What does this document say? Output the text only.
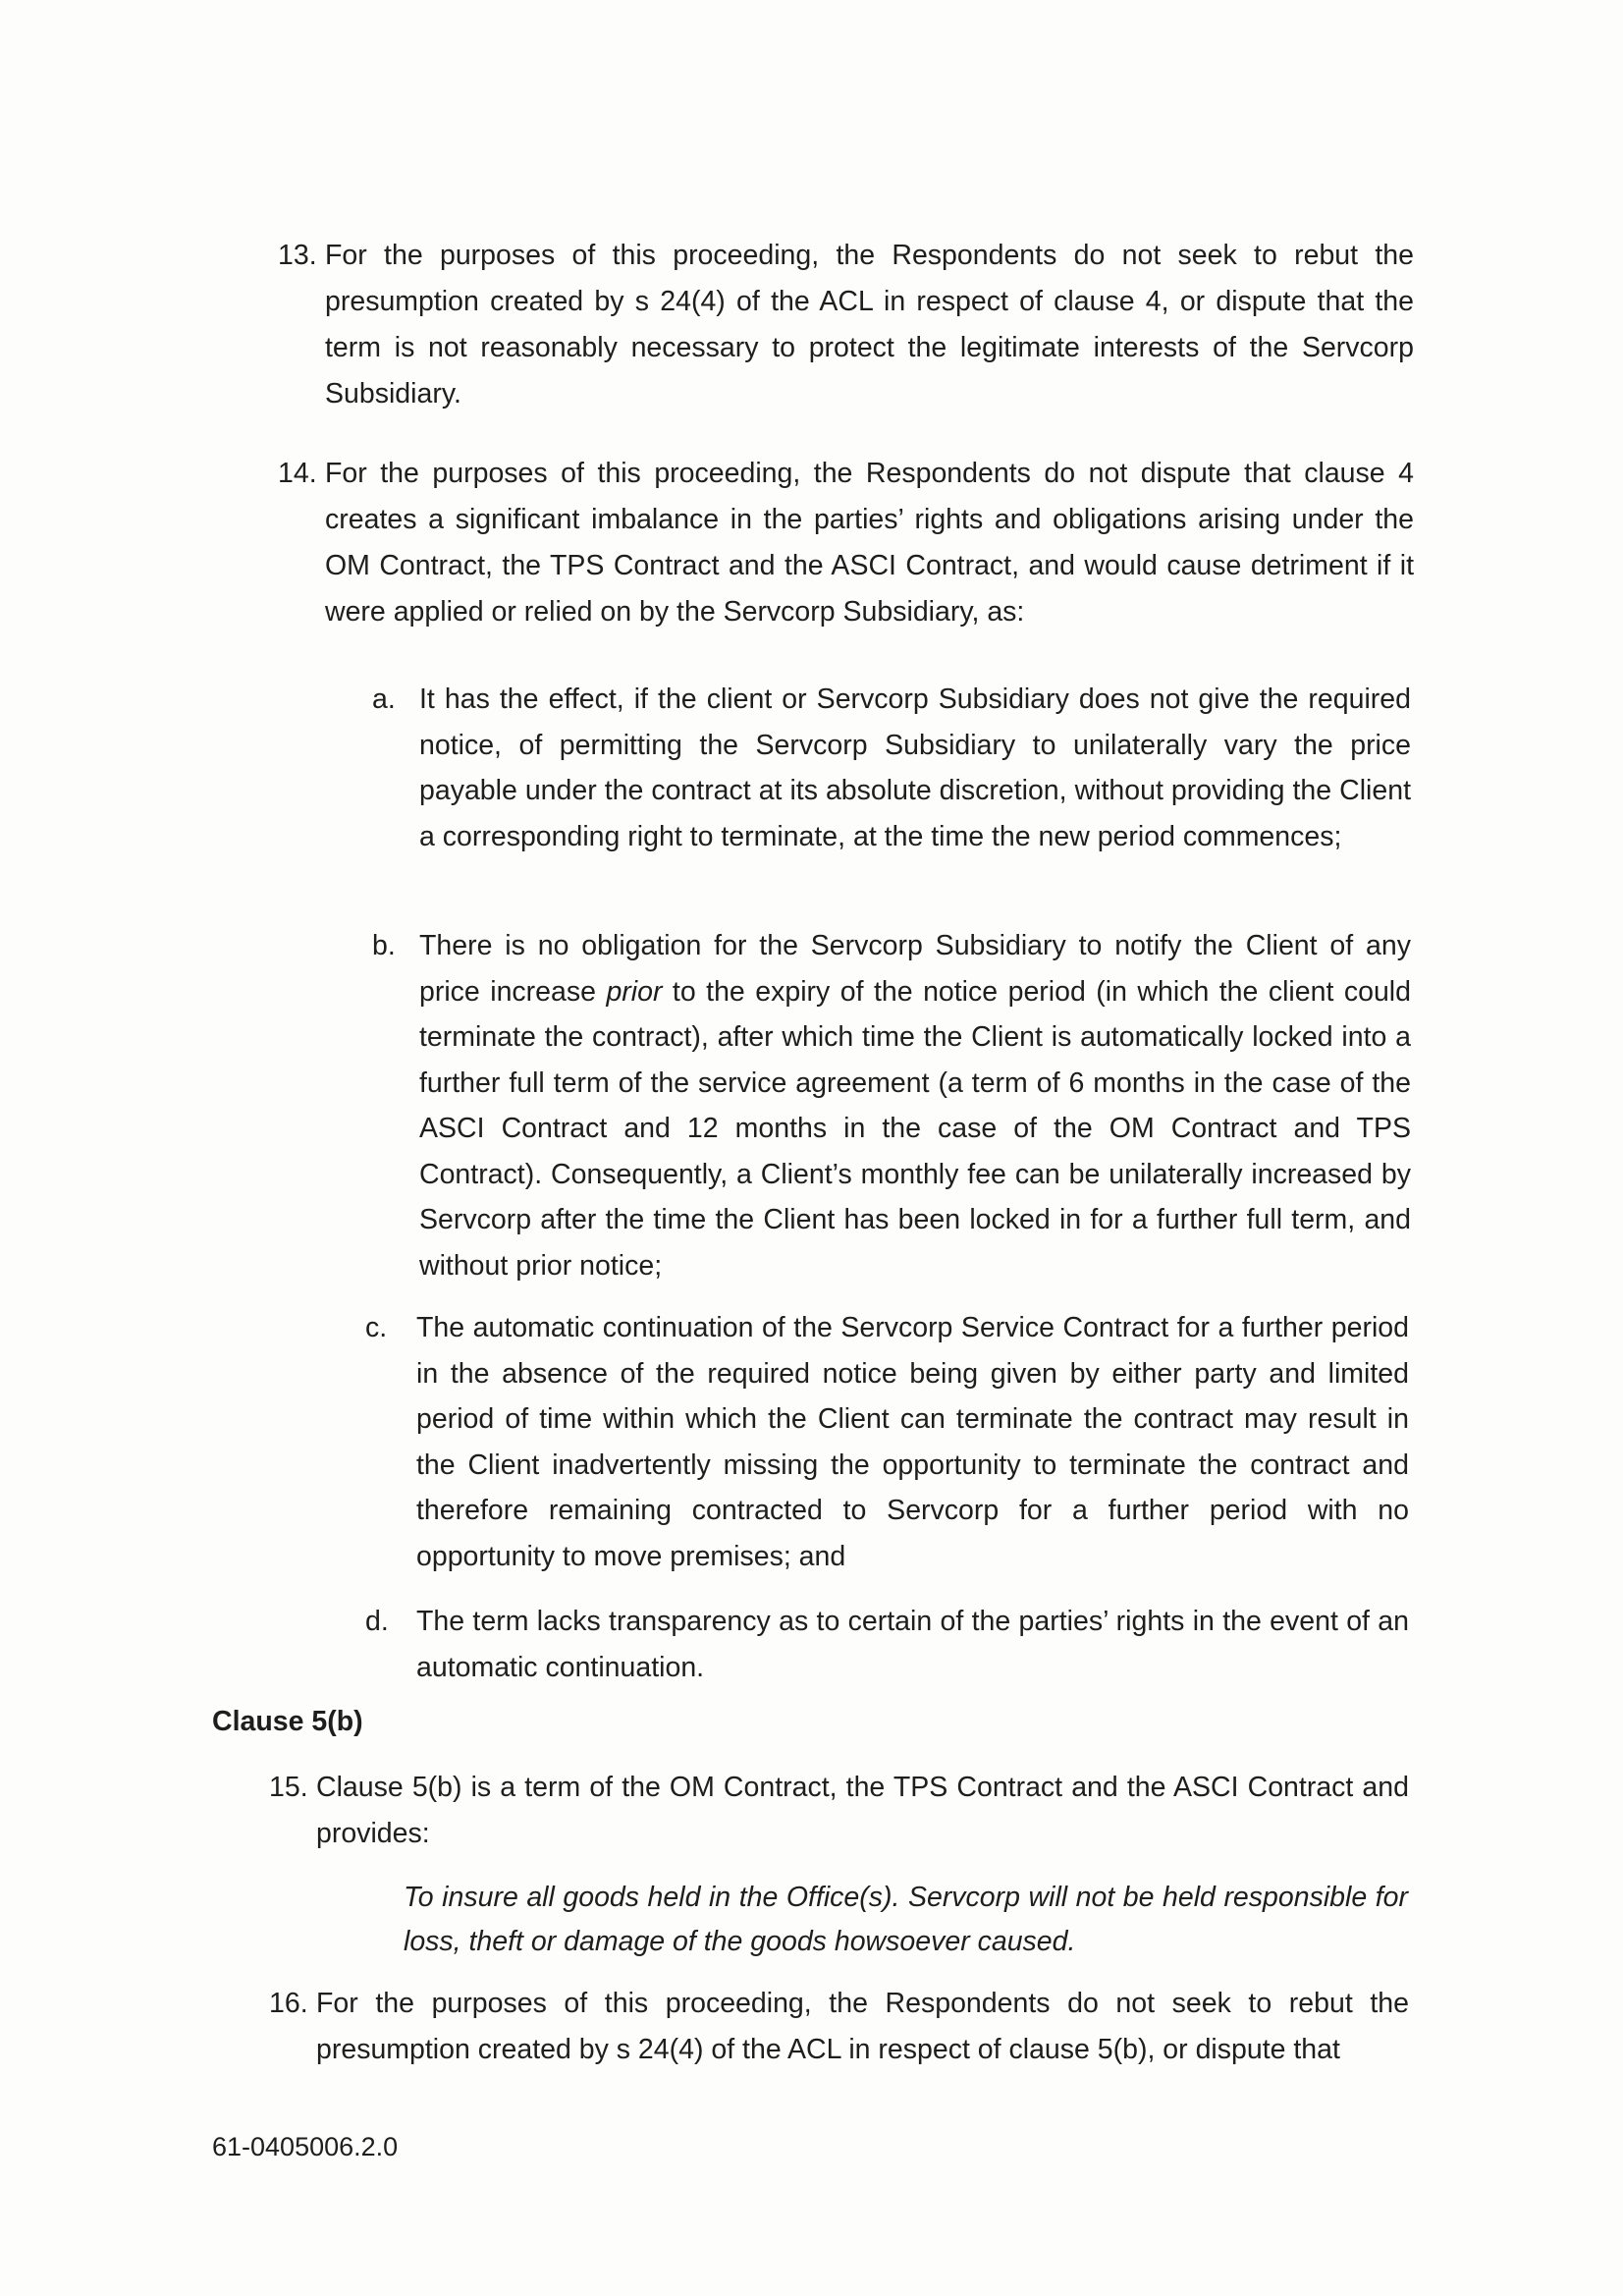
13. For the purposes of this proceeding, the Respondents do not seek to rebut the presumption created by s 24(4) of the ACL in respect of clause 4, or dispute that the term is not reasonably necessary to protect the legitimate interests of the Servcorp Subsidiary.
14. For the purposes of this proceeding, the Respondents do not dispute that clause 4 creates a significant imbalance in the parties’ rights and obligations arising under the OM Contract, the TPS Contract and the ASCI Contract, and would cause detriment if it were applied or relied on by the Servcorp Subsidiary, as:
a. It has the effect, if the client or Servcorp Subsidiary does not give the required notice, of permitting the Servcorp Subsidiary to unilaterally vary the price payable under the contract at its absolute discretion, without providing the Client a corresponding right to terminate, at the time the new period commences;
b. There is no obligation for the Servcorp Subsidiary to notify the Client of any price increase prior to the expiry of the notice period (in which the client could terminate the contract), after which time the Client is automatically locked into a further full term of the service agreement (a term of 6 months in the case of the ASCI Contract and 12 months in the case of the OM Contract and TPS Contract). Consequently, a Client’s monthly fee can be unilaterally increased by Servcorp after the time the Client has been locked in for a further full term, and without prior notice;
c. The automatic continuation of the Servcorp Service Contract for a further period in the absence of the required notice being given by either party and limited period of time within which the Client can terminate the contract may result in the Client inadvertently missing the opportunity to terminate the contract and therefore remaining contracted to Servcorp for a further period with no opportunity to move premises; and
d. The term lacks transparency as to certain of the parties’ rights in the event of an automatic continuation.
Clause 5(b)
15. Clause 5(b) is a term of the OM Contract, the TPS Contract and the ASCI Contract and provides:
To insure all goods held in the Office(s). Servcorp will not be held responsible for loss, theft or damage of the goods howsoever caused.
16. For the purposes of this proceeding, the Respondents do not seek to rebut the presumption created by s 24(4) of the ACL in respect of clause 5(b), or dispute that
61-0405006.2.0
